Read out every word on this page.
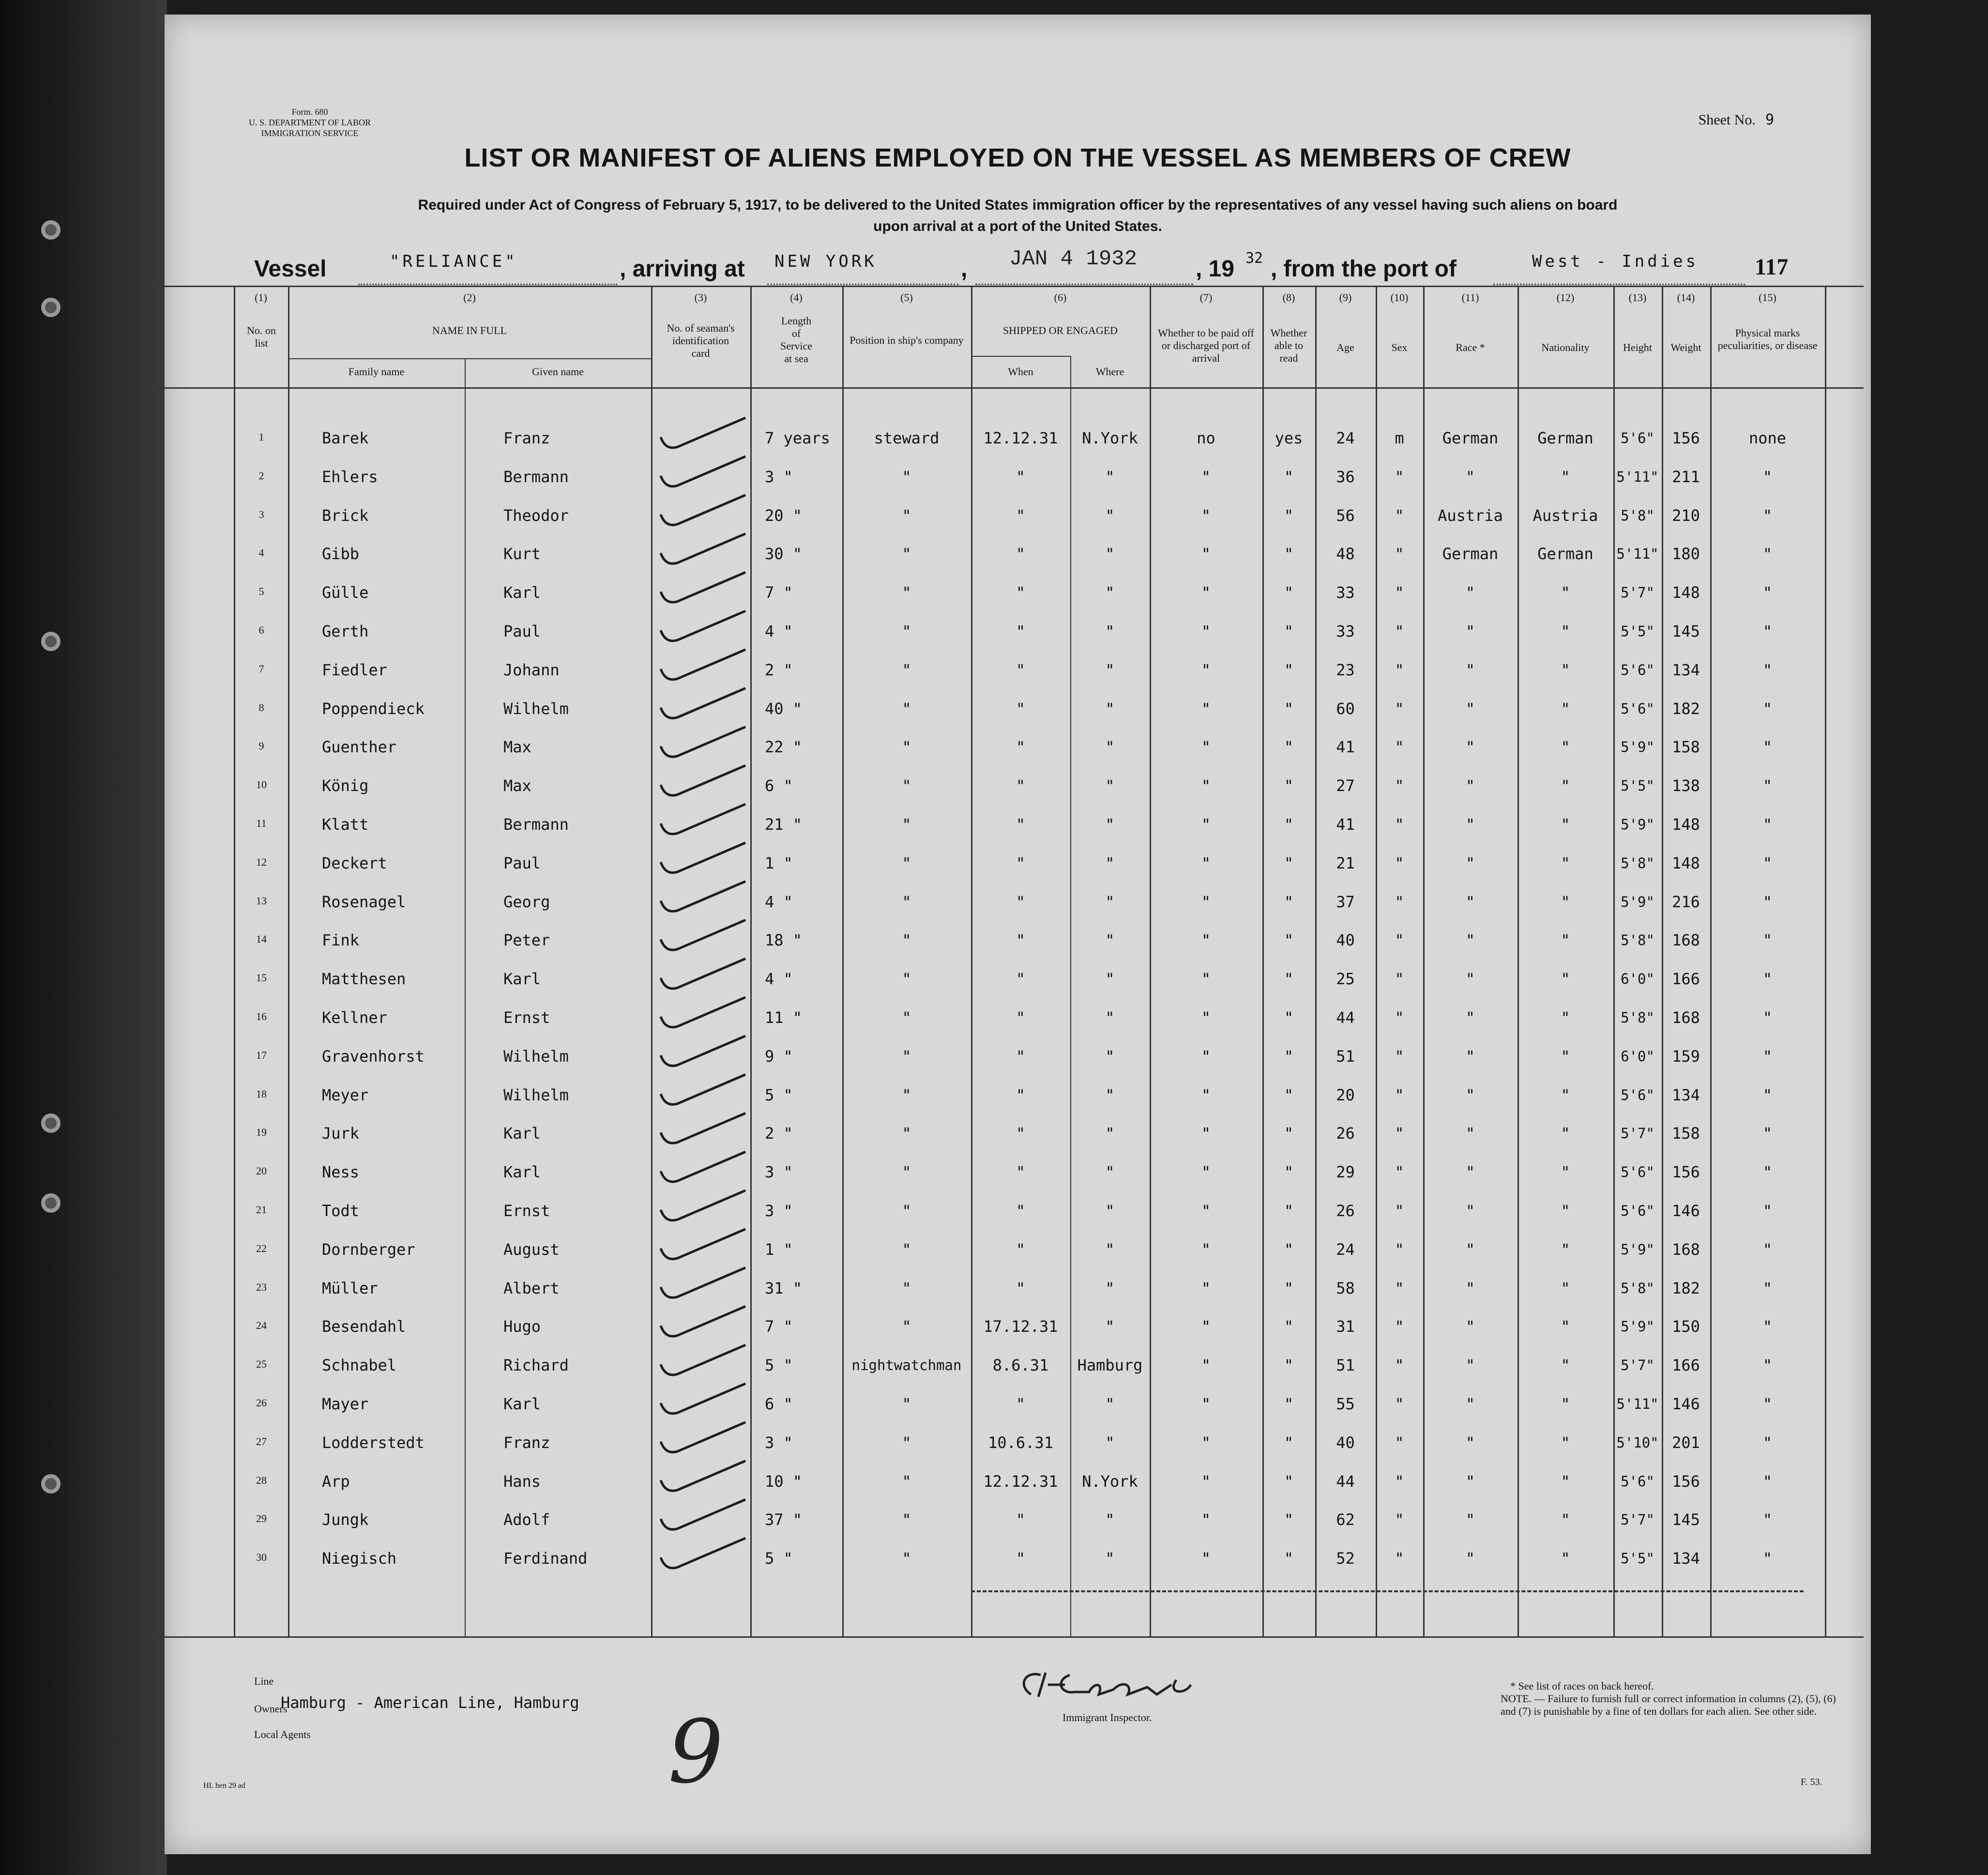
Form. 680
U. S. DEPARTMENT OF LABOR
IMMIGRATION SERVICE
Sheet No. 9
LIST OR MANIFEST OF ALIENS EMPLOYED ON THE VESSEL AS MEMBERS OF CREW
Required under Act of Congress of February 5, 1917, to be delivered to the United States immigration officer by the representatives of any vessel having such aliens on board
upon arrival at a port of the United States.
Vessel	"RELIANCE"	, arriving at NEW YORK	, JAN 4 1932	, 19 32 , from the port of	West - Indies 117
(1)	(2)	(3)	(4)	(5)	(6)	(7)	(8)	(9)	(10)	(11)	(12)	(13)	(14)	(15)
No. on list
NAME IN FULL
Family name	Given name
No. of seaman's identification card
Length of Service at sea
Position in ship's company
SHIPPED OR ENGAGED
When	Where
Whether to be paid off or discharged port of arrival
Whether able to read
Age	Sex	Race *	Nationality	Height	Weight
Physical marks peculiarities, or disease
1	Barek	Franz	7 years	steward	12.12.31	N.York	no	yes	24	m	German	German	5'6"	156	none
2	Ehlers	Bermann	3 "	"	"	"	"	"	36	"	"	"	5'11" 211	"
3	Brick	Theodor	20 "	"	"	"	"	"	56	"	Austria	Austria	5'8"	210	"
4	Gibb	Kurt	30 "	"	"	"	"	"	48	"	German	German	5'11" 180	"
5	Gülle	Karl	7 "	"	"	"	"	"	33	"	"	"	5'7"	148	"
6	Gerth	Paul	4 "	"	"	"	"	"	33	"	"	"	5'5"	145	"
7	Fiedler	Johann	2 "	"	"	"	"	"	23	"	"	"	5'6"	134	"
8	Poppendieck	Wilhelm	40 "	"	"	"	"	"	60	"	"	"	5'6"	182	"
9	Guenther	Max	22 "	"	"	"	"	"	41	"	"	"	5'9"	158	"
10	König	Max	6 "	"	"	"	"	"	27	"	"	"	5'5"	138	"
11	Klatt	Bermann	21 "	"	"	"	"	"	41	"	"	"	5'9"	148	"
12	Deckert	Paul	1 "	"	"	"	"	"	21	"	"	"	5'8"	148	"
13	Rosenagel	Georg	4 "	"	"	"	"	"	37	"	"	"	5'9"	216	"
14	Fink	Peter	18 "	"	"	"	"	"	40	"	"	"	5'8"	168	"
15	Matthesen	Karl	4 "	"	"	"	"	"	25	"	"	"	6'0"	166	"
16	Kellner	Ernst	11 "	"	"	"	"	"	44	"	"	"	5'8"	168	"
17	Gravenhorst	Wilhelm	9 "	"	"	"	"	"	51	"	"	"	6'0"	159	"
18	Meyer	Wilhelm	5 "	"	"	"	"	"	20	"	"	"	5'6"	134	"
19	Jurk	Karl	2 "	"	"	"	"	"	26	"	"	"	5'7"	158	"
20	Ness	Karl	3 "	"	"	"	"	"	29	"	"	"	5'6"	156	"
21	Todt	Ernst	3 "	"	"	"	"	"	26	"	"	"	5'6"	146	"
22	Dornberger	August	1 "	"	"	"	"	"	24	"	"	"	5'9"	168	"
23	Müller	Albert	31 "	"	"	"	"	"	58	"	"	"	5'8"	182	"
24	Besendahl	Hugo	7 "	"	17.12.31	"	"	"	31	"	"	"	5'9"	150	"
25	Schnabel	Richard	5 "	nightwatchman	8.6.31	Hamburg	"	"	51	"	"	"	5'7"	166	"
26	Mayer	Karl	6 "	"	"	"	"	"	55	"	"	"	5'11" 146	"
27	Lodderstedt	Franz	3 "	"	10.6.31	"	"	"	40	"	"	"	5'10" 201	"
28	Arp	Hans	10 "	"	12.12.31	N.York	"	"	44	"	"	"	5'6"	156	"
29	Jungk	Adolf	37 "	"	"	"	"	"	62	"	"	"	5'7"	145	"
30	Niegisch	Ferdinand	5 "	"	"	"	"	"	52	"	"	"	5'5"	134	"
Line
Owners
Hamburg - American Line, Hamburg
Local Agents	9	Immigrant Inspector.
* See list of races on back hereof.
NOTE. — Failure to furnish full or correct information in columns (2), (5), (6) and (7) is punishable by a fine of ten dollars for each alien. See other side.
HL hen 29 ad	F. 53.
